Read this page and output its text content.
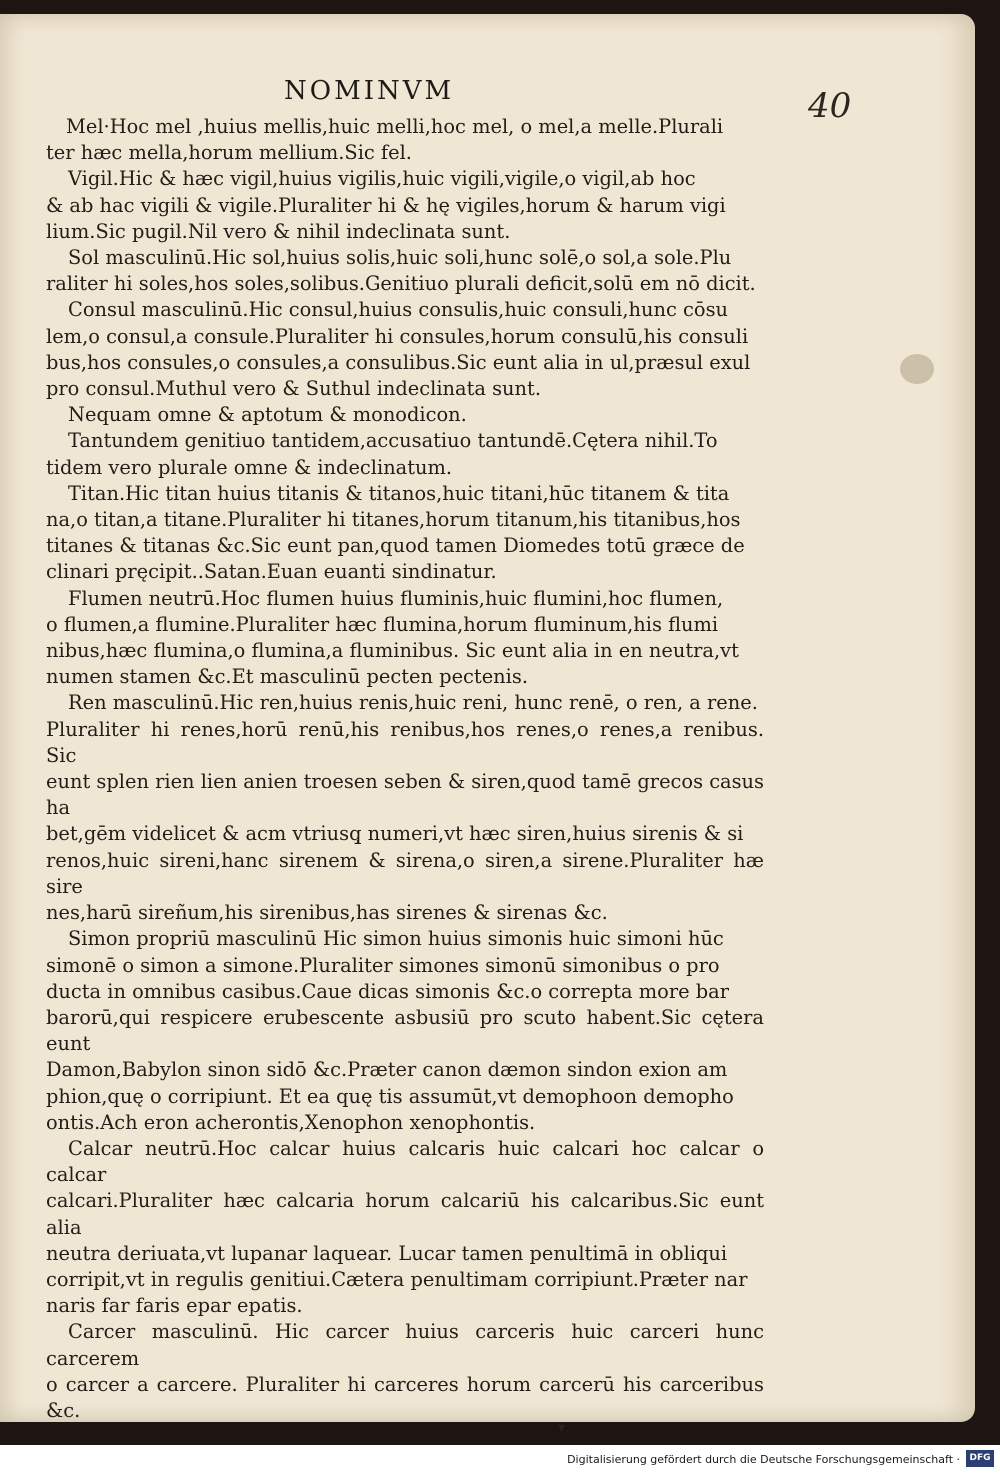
NOMINVM	40

Mel·Hoc mel ,huius mellis,huic melli,hoc mel, o mel,a melle.Plurali

ter hæc mella,horum mellium.Sic fel.

Vigil.Hic & hæc vigil,huius vigilis,huic vigili,vigile,o vigil,ab hoc

& ab hac vigili & vigile.Pluraliter hi & hę vigiles,horum & harum vigi

lium.Sic pugil.Nil vero & nihil indeclinata sunt.

Sol masculinū.Hic sol,huius solis,huic soli,hunc solē,o sol,a sole.Plu

raliter hi soles,hos soles,solibus.Genitiuo plurali deficit,solū em nō dicit.

Consul masculinū.Hic consul,huius consulis,huic consuli,hunc cōsu

lem,o consul,a consule.Pluraliter hi consules,horum consulū,his consuli

bus,hos consules,o consules,a consulibus.Sic eunt alia in ul,præsul exul

pro consul.Muthul vero & Suthul indeclinata sunt.

Nequam omne & aptotum & monodicon.

Tantundem genitiuo tantidem,accusatiuo tantundē.Cętera nihil.To

tidem vero plurale omne & indeclinatum.

Titan.Hic titan huius titanis & titanos,huic titani,hūc titanem & tita

na,o titan,a titane.Pluraliter hi titanes,horum titanum,his titanibus,hos

titanes & titanas &c.Sic eunt pan,quod tamen Diomedes totū græce de

clinari pręcipit..Satan.Euan euanti sindinatur.

Flumen neutrū.Hoc flumen huius fluminis,huic flumini,hoc flumen,

o flumen,a flumine.Pluraliter hæc flumina,horum fluminum,his flumi

nibus,hæc flumina,o flumina,a fluminibus. Sic eunt alia in en neutra,vt

numen stamen &c.Et masculinū pecten pectenis.

Ren masculinū.Hic ren,huius renis,huic reni, hunc renē, o ren, a rene.

Pluraliter hi renes,horū renū,his renibus,hos renes,o renes,a renibus. Sic

eunt splen rien lien anien troesen seben & siren,quod tamē grecos casus ha

bet,gēm videlicet & acm vtriusq̧ numeri,vt hæc siren,huius sirenis & si

renos,huic sireni,hanc sirenem & sirena,o siren,a sirene.Pluraliter hæ sire

nes,harū sireñum,his sirenibus,has sirenes & sirenas &c.

Simon propriū masculinū Hic simon huius simonis huic simoni hūc

simonē o simon a simone.Pluraliter simones simonū simonibus o pro

ducta in omnibus casibus.Caue dicas simonis &c.o correpta more bar

barorū,qui respicere erubescente asbusiū pro scuto habent.Sic cętera eunt

Damon,Babylon sinon sidō &c.Præter canon dæmon sindon exion am

phion,quę o corripiunt. Et ea quę tis assumūt,vt demophoon demopho

ontis.Ach eron acherontis,Xenophon xenophontis.

Calcar neutrū.Hoc calcar huius calcaris huic calcari hoc calcar o calcar

calcari.Pluraliter hæc calcaria horum calcariū his calcaribus.Sic eunt alia

neutra deriuata,vt lupanar laquear. Lucar tamen penultimā in obliqui

corripit,vt in regulis genitiui.Cætera penultimam corripiunt.Præter nar

naris far faris epar epatis.

Carcer masculinū. Hic carcer huius carceris huic carceri hunc carcerem

o carcer a carcere. Pluraliter hi carceres horum carcerū his carceribus &c.

▾
Digitalisierung gefördert durch die Deutsche Forschungsgemeinschaft ·	DFG
